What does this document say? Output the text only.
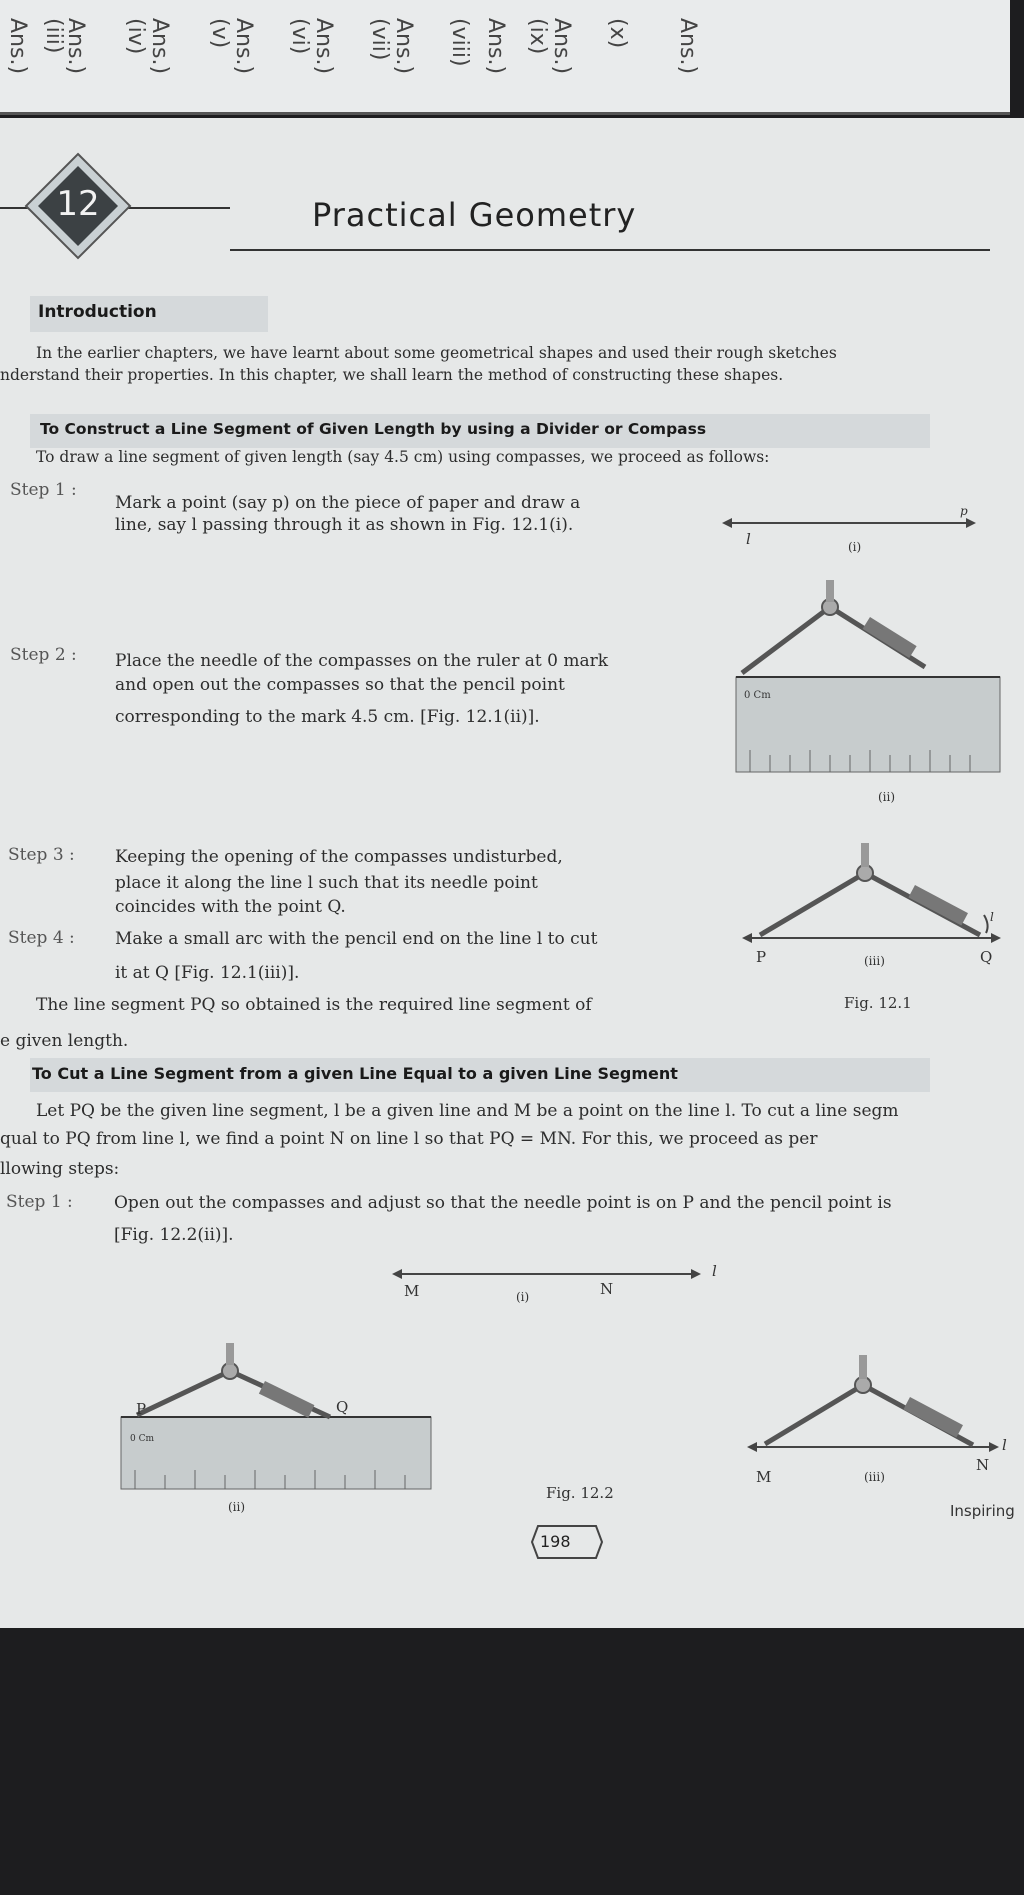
Ans.) (iii)
Ans.) (iv) Ans.) (v) Ans.) (vi) Ans.) (vii) Ans.) (viii) Ans.) (ix) Ans.) (x) Ans.)
12	Practical Geometry
Introduction
In the earlier chapters, we have learnt about some geometrical shapes and used their rough sketches
nderstand their properties. In this chapter, we shall learn the method of constructing these shapes.
To Construct a Line Segment of Given Length by using a Divider or Compass
To draw a line segment of given length (say 4.5 cm) using compasses, we proceed as follows:
Step 1 :
Mark a point (say p) on the piece of paper and draw a
line, say l passing through it as shown in Fig. 12.1(i).
Step 2 : Place the needle of the compasses on the ruler at 0 mark
and open out the compasses so that the pencil point
corresponding to the mark 4.5 cm. [Fig. 12.1(ii)].
Step 3 : Keeping the opening of the compasses undisturbed,
place it along the line l such that its needle point
coincides with the point Q.
Step 4 : Make a small arc with the pencil end on the line l to cut
it at Q [Fig. 12.1(iii)].
The line segment PQ so obtained is the required line segment of
e given length.
l
p
(i)
0 Cm
(ii)
P	Q
l
(iii)
Fig. 12.1
To Cut a Line Segment from a given Line Equal to a given Line Segment
Let PQ be the given line segment, l be a given line and M be a point on the line l. To cut a line segm
qual to PQ from line l, we find a point N on line l so that PQ = MN. For this, we proceed as per
llowing steps:
Step 1 : Open out the compasses and adjust so that the needle point is on P and the pencil point is
[Fig. 12.2(ii)].
M	N
l
(i)
P	Q
0 Cm
(ii)
Fig. 12.2
M
N
l
(iii)
198
Inspiring
